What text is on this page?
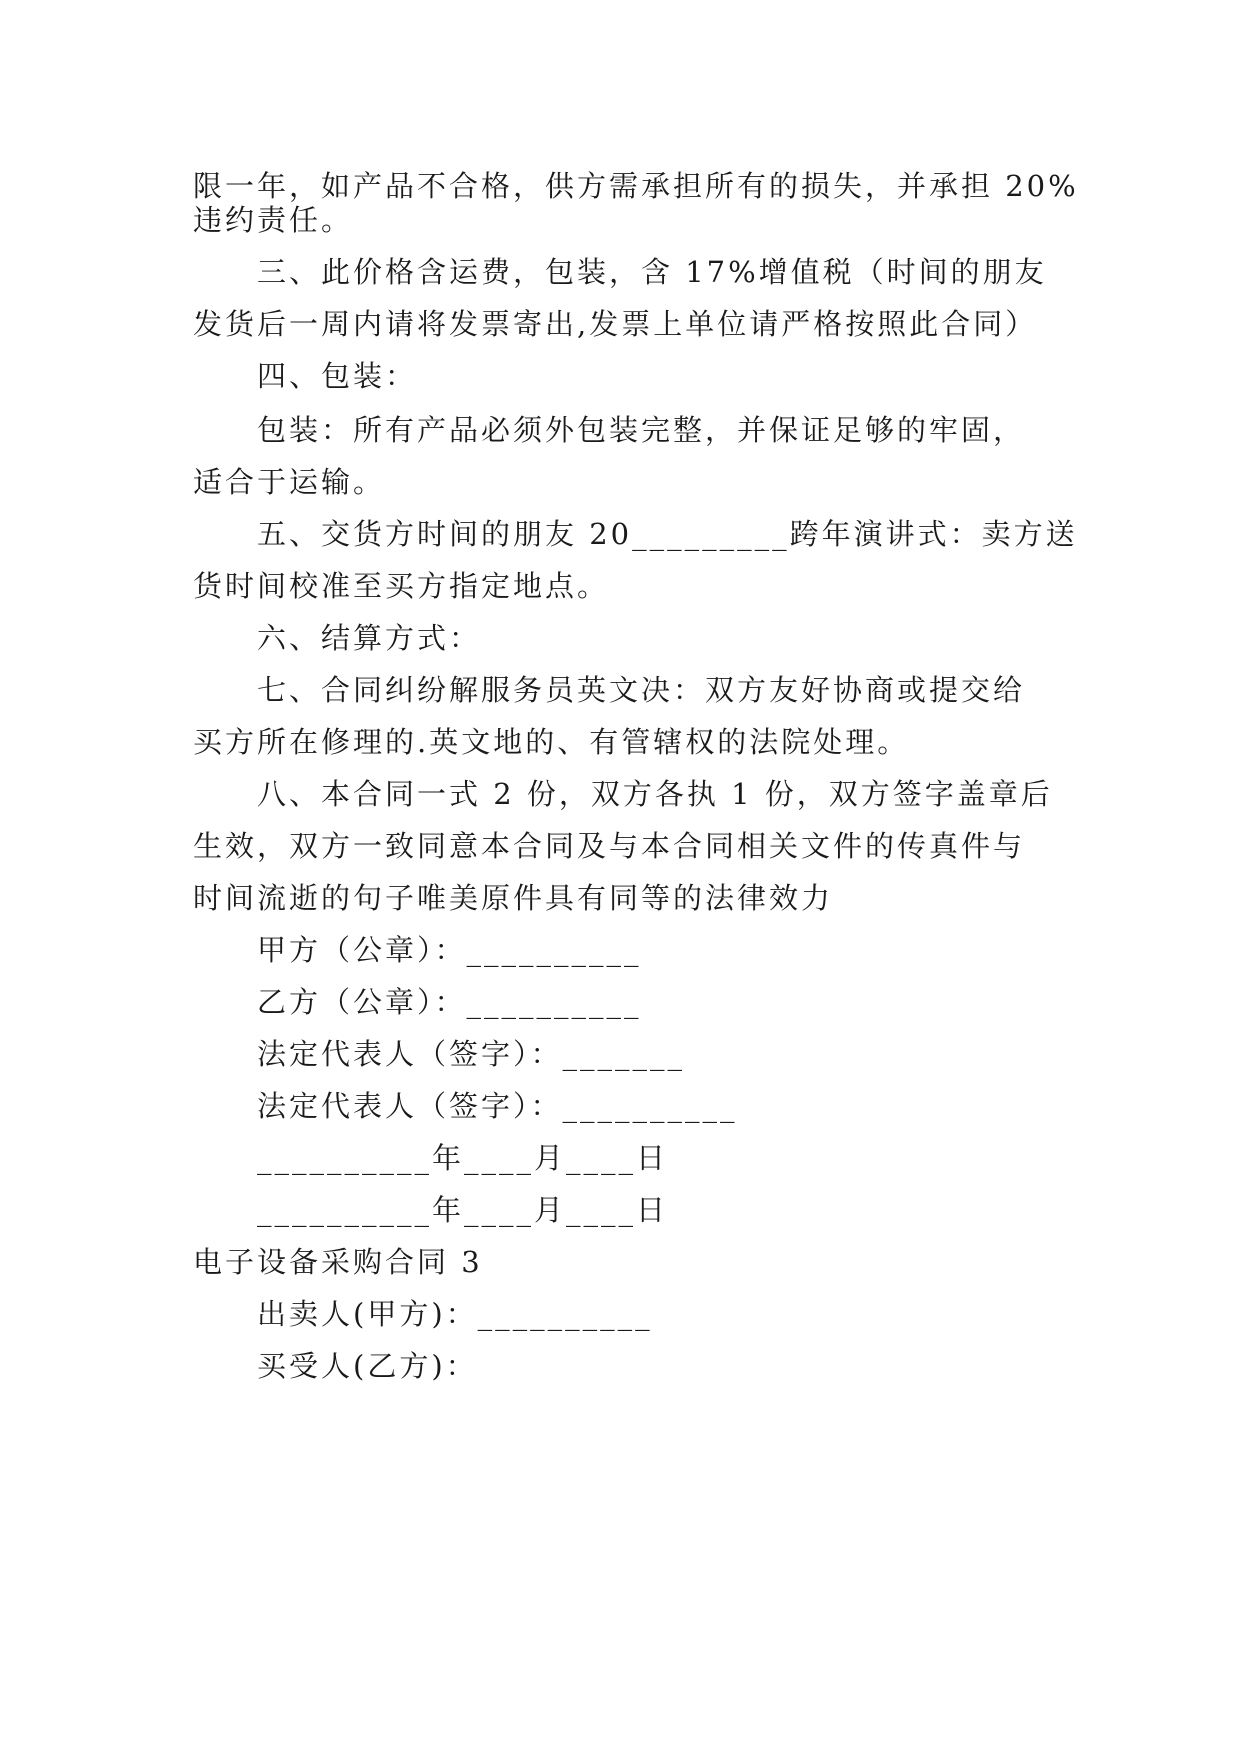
限一年，如产品不合格，供方需承担所有的损失，并承担 20%
违约责任。
三、此价格含运费，包装，含 17%增值税（时间的朋友
发货后一周内请将发票寄出,发票上单位请严格按照此合同）
四、包装：
包装：所有产品必须外包装完整，并保证足够的牢固，
适合于运输。
五、交货方时间的朋友 20_________跨年演讲式：卖方送
货时间校准至买方指定地点。
六、结算方式：
七、合同纠纷解服务员英文决：双方友好协商或提交给
买方所在修理的.英文地的、有管辖权的法院处理。
八、本合同一式 2 份，双方各执 1 份，双方签字盖章后
生效，双方一致同意本合同及与本合同相关文件的传真件与
时间流逝的句子唯美原件具有同等的法律效力
甲方（公章）：__________
乙方（公章）：__________
法定代表人（签字）：_______
法定代表人（签字）：__________
__________年____月____日
__________年____月____日
电子设备采购合同 3
出卖人(甲方)：__________
买受人(乙方)：
